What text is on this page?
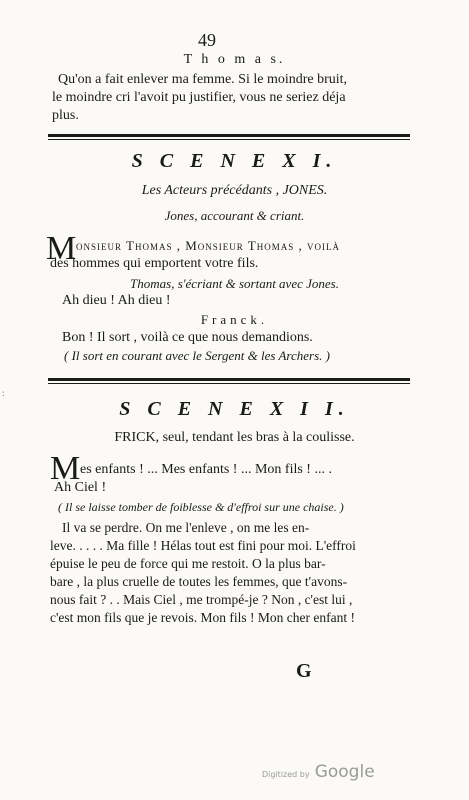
49
T h o m a s.
Qu'on a fait enlever ma femme. Si le moindre bruit,
le moindre cri l'avoit pu justifier, vous ne seriez déja
plus.
S C E N E X I.
Les Acteurs précédants , JONES.
Jones, accourant & criant.
M onsieur Thomas , Monsieur Thomas , voilà
des hommes qui emportent votre fils.
Thomas, s'écriant & sortant avec Jones.
Ah dieu ! Ah dieu !
Franck.
Bon ! Il sort , voilà ce que nous demandions.
( Il sort en courant avec le Sergent & les Archers. )
:
S C E N E X I I.
FRICK, seul, tendant les bras à la coulisse.
M es enfants ! ... Mes enfants ! ... Mon fils ! ... .
Ah Ciel !
( Il se laisse tomber de foiblesse & d'effroi sur une chaise. )
Il va se perdre. On me l'enleve , on me les en-
leve. . . . . Ma fille ! Hélas tout est fini pour moi. L'effroi
épuise le peu de force qui me restoit. O la plus bar-
bare , la plus cruelle de toutes les femmes, que t'avons-
nous fait ? . . Mais Ciel , me trompé-je ? Non , c'est lui ,
c'est mon fils que je revois. Mon fils ! Mon cher enfant !
G
Digitized by Google
